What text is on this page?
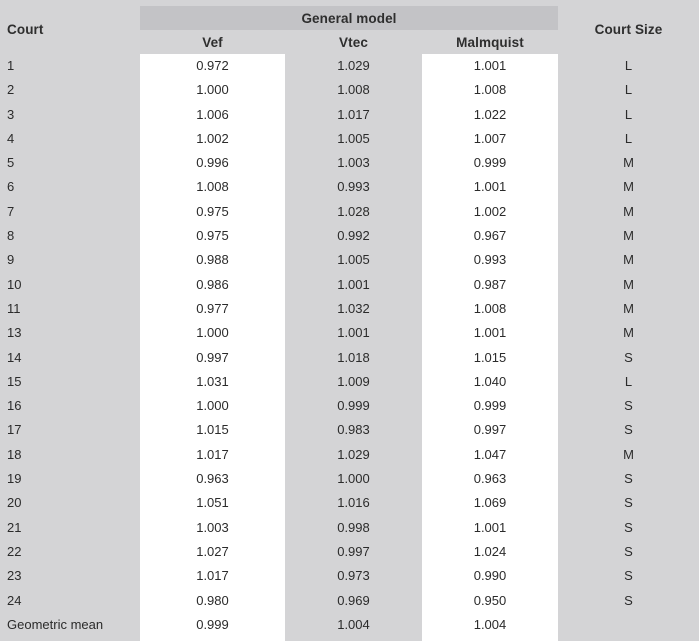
Court
General model
Vef	Vtec	Malmquist
Court Size
1	0.972	1.029	1.001	L
2	1.000	1.008	1.008	L
3	1.006	1.017	1.022	L
4	1.002	1.005	1.007	L
5	0.996	1.003	0.999	M
6	1.008	0.993	1.001	M
7	0.975	1.028	1.002	M
8	0.975	0.992	0.967	M
9	0.988	1.005	0.993	M
10	0.986	1.001	0.987	M
11	0.977	1.032	1.008	M
13	1.000	1.001	1.001	M
14	0.997	1.018	1.015	S
15	1.031	1.009	1.040	L
16	1.000	0.999	0.999	S
17	1.015	0.983	0.997	S
18	1.017	1.029	1.047	M
19	0.963	1.000	0.963	S
20	1.051	1.016	1.069	S
21	1.003	0.998	1.001	S
22	1.027	0.997	1.024	S
23	1.017	0.973	0.990	S
24	0.980	0.969	0.950	S
Geometric mean	0.999	1.004	1.004
